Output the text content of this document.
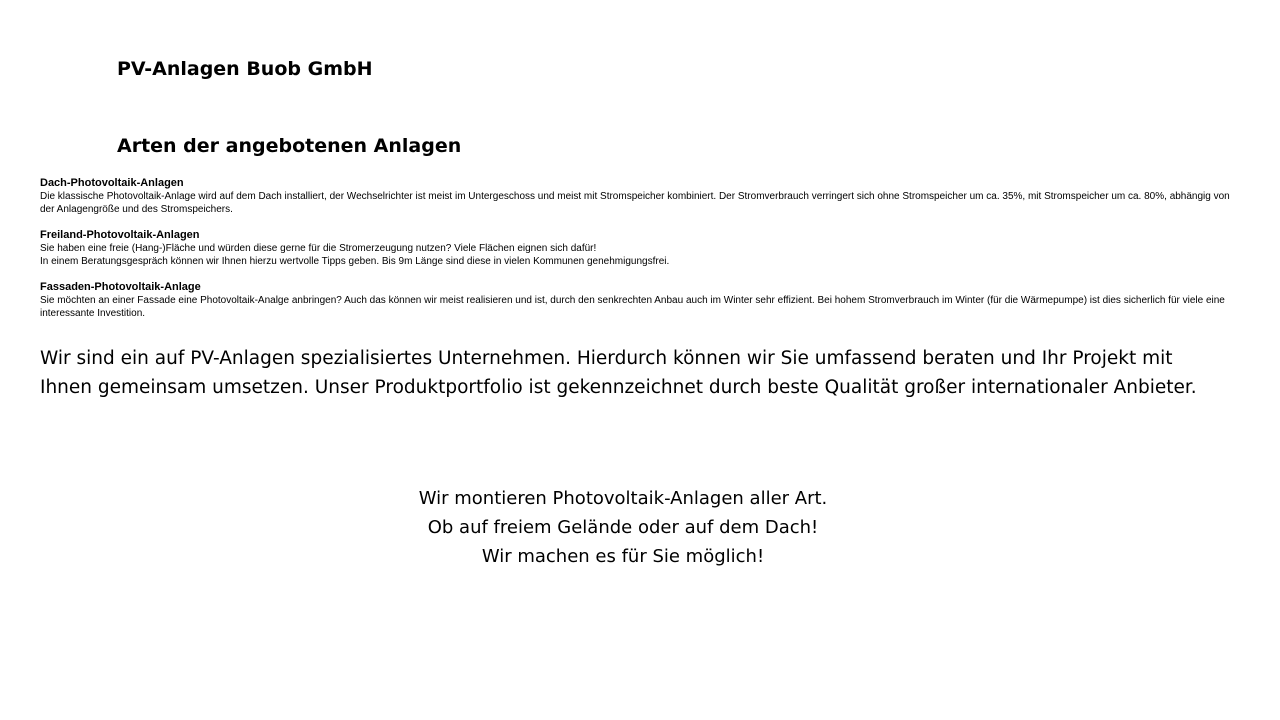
PV-Anlagen Buob GmbH
Arten der angebotenen Anlagen
Dach-Photovoltaik-Anlagen
Die klassische Photovoltaik-Anlage wird auf dem Dach installiert, der Wechselrichter ist meist im Untergeschoss und meist mit Stromspeicher kombiniert. Der Stromverbrauch verringert sich ohne Stromspeicher um ca. 35%, mit Stromspeicher um ca. 80%, abhängig von der Anlagengröße und des Stromspeichers.
Freiland-Photovoltaik-Anlagen
Sie haben eine freie (Hang-)Fläche und würden diese gerne für die Stromerzeugung nutzen? Viele Flächen eignen sich dafür!
In einem Beratungsgespräch können wir Ihnen hierzu wertvolle Tipps geben. Bis 9m Länge sind diese in vielen Kommunen genehmigungsfrei.
Fassaden-Photovoltaik-Anlage
Sie möchten an einer Fassade eine Photovoltaik-Analge anbringen? Auch das können wir meist realisieren und ist, durch den senkrechten Anbau auch im Winter sehr effizient. Bei hohem Stromverbrauch im Winter (für die Wärmepumpe) ist dies sicherlich für viele eine interessante Investition.

Wir sind ein auf PV-Anlagen spezialisiertes Unternehmen. Hierdurch können wir Sie umfassend beraten und Ihr Projekt mit Ihnen gemeinsam umsetzen. Unser Produktportfolio ist gekennzeichnet durch beste Qualität großer internationaler Anbieter.

Wir montieren Photovoltaik-Anlagen aller Art.
Ob auf freiem Gelände oder auf dem Dach!
Wir machen es für Sie möglich!
